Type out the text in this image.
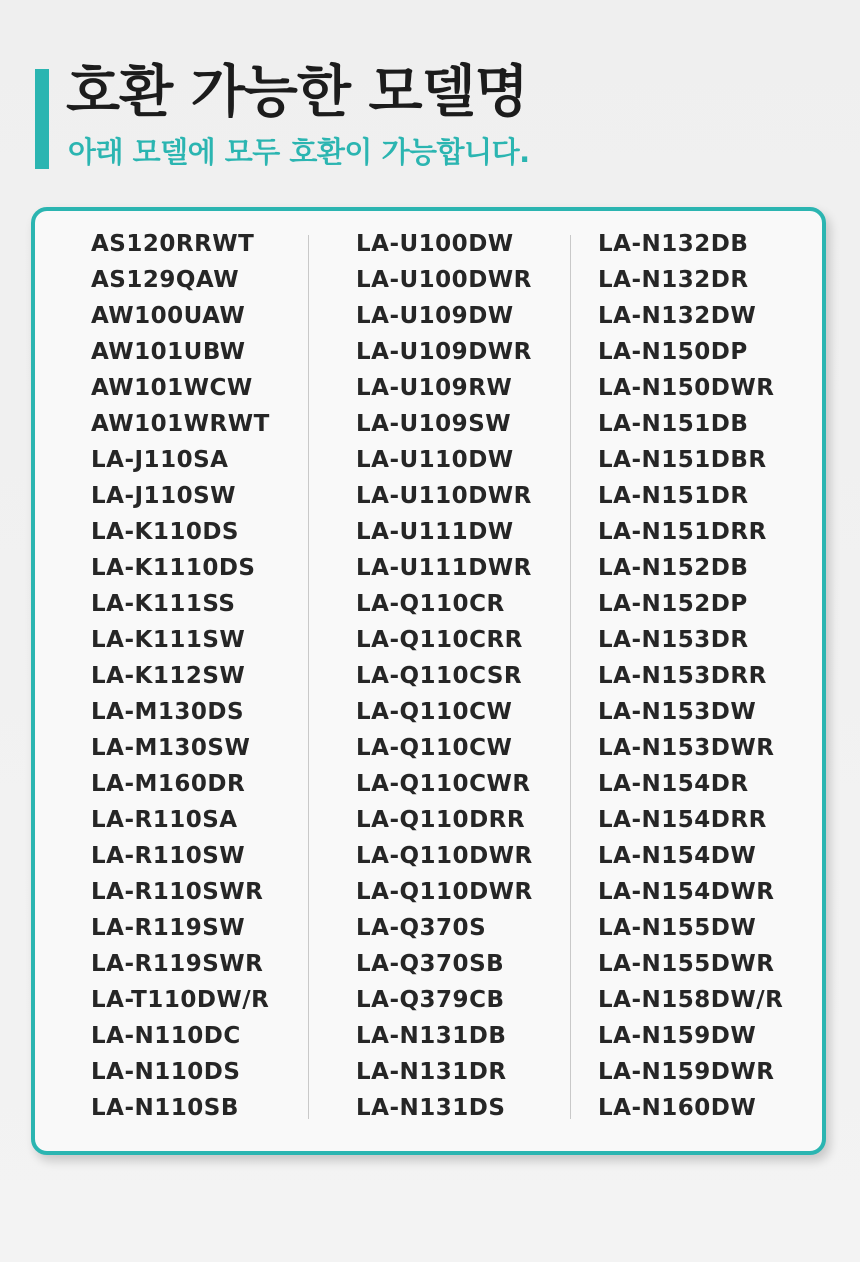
호환 가능한 모델명
아래 모델에 모두 호환이 가능합니다.
AS120RRWT
AS129QAW
AW100UAW
AW101UBW
AW101WCW
AW101WRWT
LA-J110SA
LA-J110SW
LA-K110DS
LA-K1110DS
LA-K111SS
LA-K111SW
LA-K112SW
LA-M130DS
LA-M130SW
LA-M160DR
LA-R110SA
LA-R110SW
LA-R110SWR
LA-R119SW
LA-R119SWR
LA-T110DW/R
LA-N110DC
LA-N110DS
LA-N110SB
LA-U100DW
LA-U100DWR
LA-U109DW
LA-U109DWR
LA-U109RW
LA-U109SW
LA-U110DW
LA-U110DWR
LA-U111DW
LA-U111DWR
LA-Q110CR
LA-Q110CRR
LA-Q110CSR
LA-Q110CW
LA-Q110CW
LA-Q110CWR
LA-Q110DRR
LA-Q110DWR
LA-Q110DWR
LA-Q370S
LA-Q370SB
LA-Q379CB
LA-N131DB
LA-N131DR
LA-N131DS
LA-N132DB
LA-N132DR
LA-N132DW
LA-N150DP
LA-N150DWR
LA-N151DB
LA-N151DBR
LA-N151DR
LA-N151DRR
LA-N152DB
LA-N152DP
LA-N153DR
LA-N153DRR
LA-N153DW
LA-N153DWR
LA-N154DR
LA-N154DRR
LA-N154DW
LA-N154DWR
LA-N155DW
LA-N155DWR
LA-N158DW/R
LA-N159DW
LA-N159DWR
LA-N160DW
